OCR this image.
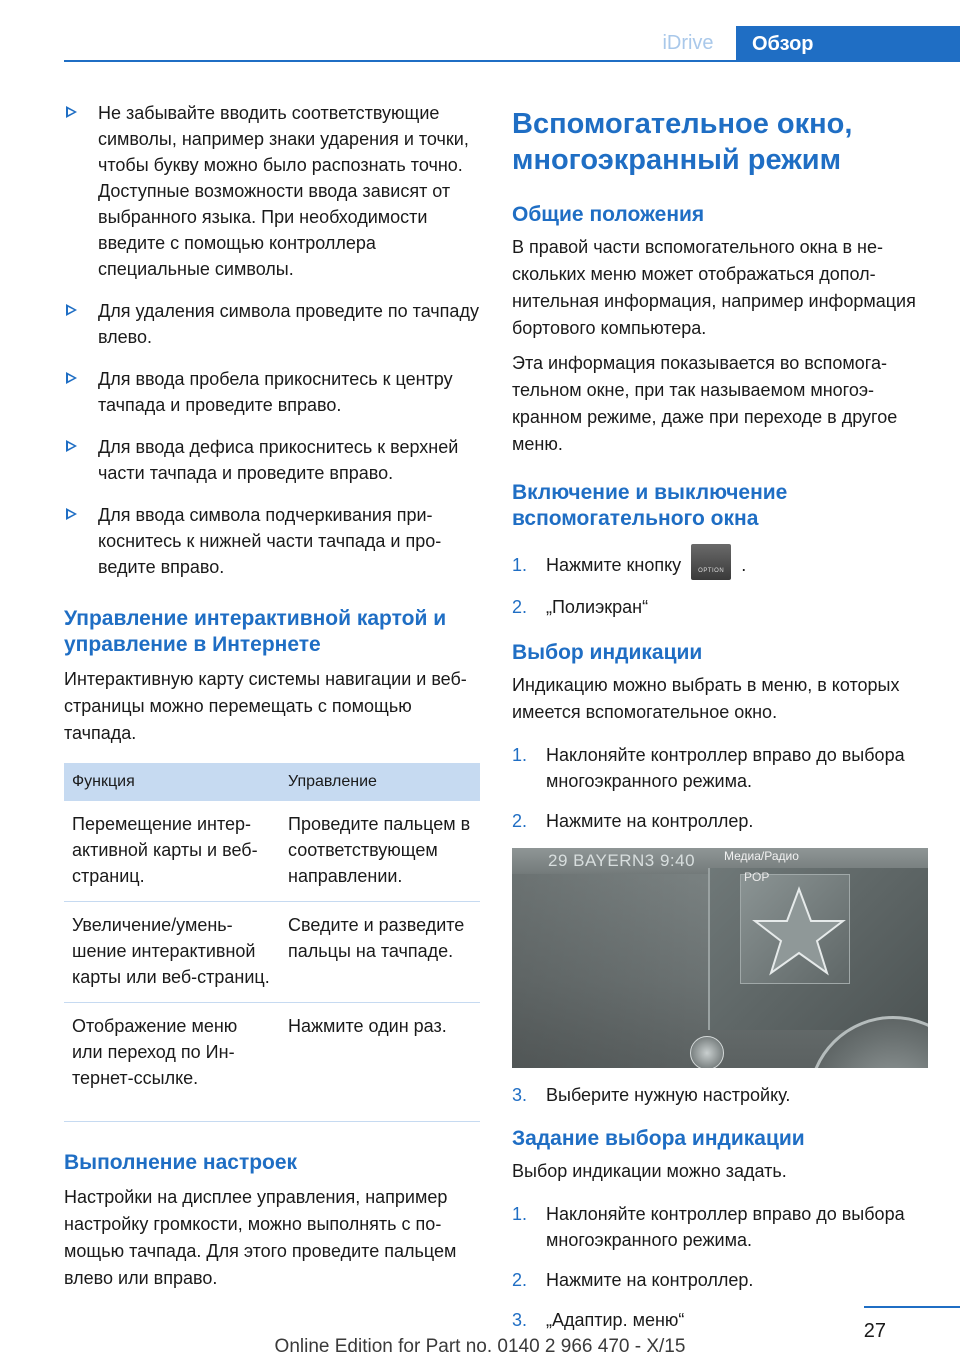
iDrive	Обзор
Не забывайте вводить соответствующие символы, например знаки ударения и точки, чтобы букву можно было распознать точно. Доступные возможности ввода зависят от выбранного языка. При необходимости введите с помощью контроллера специальные символы.
Для удаления символа проведите по тачпаду влево.
Для ввода пробела прикоснитесь к центру тачпада и проведите вправо.
Для ввода дефиса прикоснитесь к верхней части тачпада и проведите вправо.
Для ввода символа подчеркивания прикоснитесь к нижней части тачпада и проведите вправо.
Управление интерактивной картой и управление в Интернете

Интерактивную карту системы навигации и веб-страницы можно перемещать с помощью тачпада.

Функция	Управление
Перемещение интерактивной карты и веб-страниц.	Проведите пальцем в соответствующем направлении.
Увеличение/уменьшение интерактивной карты или веб-страниц.	Сведите и разведите пальцы на тачпаде.
Отображение меню или переход по Интернет-ссылке.	Нажмите один раз.
Выполнение настроек

Настройки на дисплее управления, например настройку громкости, можно выполнять с помощью тачпада. Для этого проведите пальцем влево или вправо.

Вспомогательное окно, многоэкранный режим
Общие положения

В правой части вспомогательного окна в нескольких меню может отображаться дополнительная информация, например информация бортового компьютера.

Эта информация показывается во вспомогательном окне, при так называемом многоэкранном режиме, даже при переходе в другое меню.

Включение и выключение вспомогательного окна
1. Нажмите кнопку	OPTION .
2. „Полиэкран“
Выбор индикации

Индикацию можно выбрать в меню, в которых имеется вспомогательное окно.

1. Наклоняйте контроллер вправо до выбора многоэкранного режима.
2. Нажмите на контроллер.
29 BAYERN3 9:40 Медиа/Радио
POP
3. Выберите нужную настройку.
Задание выбора индикации

Выбор индикации можно задать.

1. Наклоняйте контроллер вправо до выбора многоэкранного режима.
2. Нажмите на контроллер.
3. „Адаптир. меню“	27
Online Edition for Part no. 0140 2 966 470 - X/15
